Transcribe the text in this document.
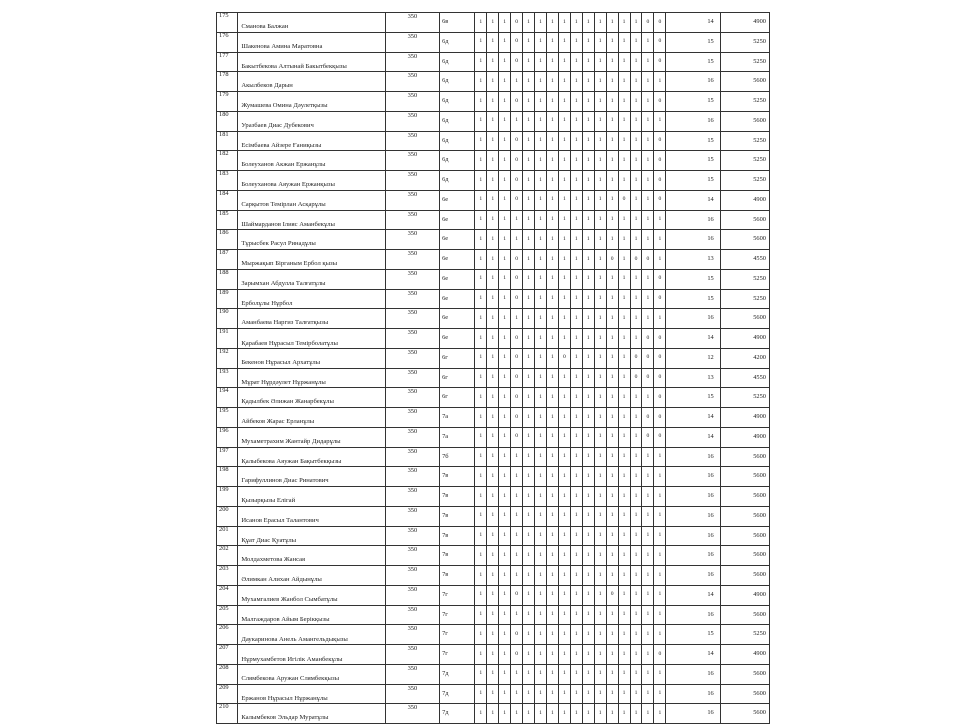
175	Сманова Балжан	350	6в	1	1	1	0	1	1	1	1	1	1	1	1	1	1	0	0	14	4900
176	Шакенова Амина Маратовна	350	6д	1	1	1	0	1	1	1	1	1	1	1	1	1	1	1	0	15	5250
177	Бакытбекова Алтынай Бакытбекқызы	350	6д	1	1	1	0	1	1	1	1	1	1	1	1	1	1	1	0	15	5250
178	Акылбеков Дарын	350	6д	1	1	1	1	1	1	1	1	1	1	1	1	1	1	1	1	16	5600
179	Жумашева Омина Дәулетқызы	350	6д	1	1	1	0	1	1	1	1	1	1	1	1	1	1	1	0	15	5250
180	Уразбаев Диас Дубекович	350	6д	1	1	1	1	1	1	1	1	1	1	1	1	1	1	1	1	16	5600
181	Есімбаева Айзере Ғаниқызы	350	6д	1	1	1	0	1	1	1	1	1	1	1	1	1	1	1	0	15	5250
182	Болеуханов Акжан Ержанұлы	350	6д	1	1	1	0	1	1	1	1	1	1	1	1	1	1	1	0	15	5250
183	Болеуханова Аяужан Ержанқызы	350	6д	1	1	1	0	1	1	1	1	1	1	1	1	1	1	1	0	15	5250
184	Сарқытов Темірлан Асқарұлы	350	6е	1	1	1	0	1	1	1	1	1	1	1	1	0	1	1	0	14	4900
185	Шаймарданов Ілияс Аманбекұлы	350	6е	1	1	1	1	1	1	1	1	1	1	1	1	1	1	1	1	16	5600
186	Тұрысбек Расул Ринадұлы	350	6е	1	1	1	1	1	1	1	1	1	1	1	1	1	1	1	1	16	5600
187	Мыржақып Бірганым Ербол қызы	350	6е	1	1	1	0	1	1	1	1	1	1	1	0	1	0	0	1	13	4550
188	Зарымхан Абдулла Талғатұлы	350	6е	1	1	1	0	1	1	1	1	1	1	1	1	1	1	1	0	15	5250
189	Ерболұлы Нұрбол	350	6е	1	1	1	0	1	1	1	1	1	1	1	1	1	1	1	0	15	5250
190	Аманбаева Наргиз Талғатқызы	350	6е	1	1	1	1	1	1	1	1	1	1	1	1	1	1	1	1	16	5600
191	Қарабаев Нұрасыл Темірболатұлы	350	6е	1	1	1	0	1	1	1	1	1	1	1	1	1	1	0	0	14	4900
192	Бекенов Нұрасыл Архатұлы	350	6г	1	1	1	0	1	1	1	0	1	1	1	1	1	0	0	0	12	4200
193	Мұрат Нұрдәулет Нұржанұлы	350	6г	1	1	1	0	1	1	1	1	1	1	1	1	1	0	0	0	13	4550
194	Қадылбек Әлижан Жанарбекұлы	350	6г	1	1	1	0	1	1	1	1	1	1	1	1	1	1	1	0	15	5250
195	Айбеков Жарас Ерланұлы	350	7а	1	1	1	0	1	1	1	1	1	1	1	1	1	1	0	0	14	4900
196	Мухаметрахим Жантайр Дидарұлы	350	7а	1	1	1	0	1	1	1	1	1	1	1	1	1	1	0	0	14	4900
197	Қалыбекова Аяужан Бақытбекқызы	350	7б	1	1	1	1	1	1	1	1	1	1	1	1	1	1	1	1	16	5600
198	Гарифуллинов Диас Ринатович	350	7в	1	1	1	1	1	1	1	1	1	1	1	1	1	1	1	1	16	5600
199	Қызырқызы Елігай	350	7в	1	1	1	1	1	1	1	1	1	1	1	1	1	1	1	1	16	5600
200	Исанов Ерасыл Талантович	350	7в	1	1	1	1	1	1	1	1	1	1	1	1	1	1	1	1	16	5600
201	Құат Диас Қуатұлы	350	7в	1	1	1	1	1	1	1	1	1	1	1	1	1	1	1	1	16	5600
202	Молдахметова Жансая	350	7в	1	1	1	1	1	1	1	1	1	1	1	1	1	1	1	1	16	5600
203	Әлимкан Алихан Айдынұлы	350	7в	1	1	1	1	1	1	1	1	1	1	1	1	1	1	1	1	16	5600
204	Мухамгалиев Жанбол Сымбатұлы	350	7г	1	1	1	0	1	1	1	1	1	1	1	0	1	1	1	1	14	4900
205	Малгаждаров Айым Берікқызы	350	7г	1	1	1	1	1	1	1	1	1	1	1	1	1	1	1	1	16	5600
206	Даукаринова Анель Амангельдықызы	350	7г	1	1	1	0	1	1	1	1	1	1	1	1	1	1	1	1	15	5250
207	Нұрмухамбетов Игілік Аманбекұлы	350	7г	1	1	1	0	1	1	1	1	1	1	1	1	1	1	1	0	14	4900
208	Слямбекова Аружан Слямбекқызы	350	7д	1	1	1	1	1	1	1	1	1	1	1	1	1	1	1	1	16	5600
209	Ержанов Нұрасыл Нұржанұлы	350	7д	1	1	1	1	1	1	1	1	1	1	1	1	1	1	1	1	16	5600
210	Калымбеков Эльдар Муратұлы	350	7д	1	1	1	1	1	1	1	1	1	1	1	1	1	1	1	1	16	5600
